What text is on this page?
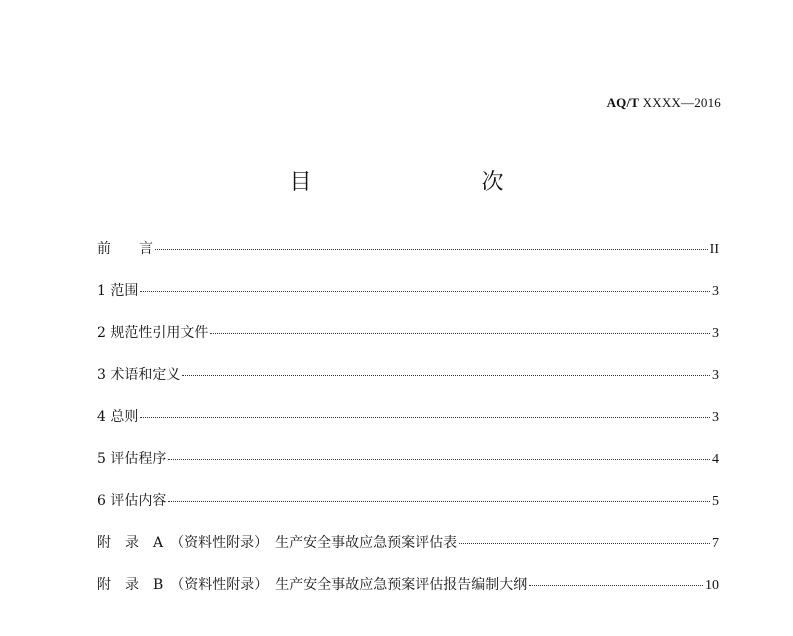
AQ/T XXXX—2016
目　　次
前　　言	II
1 范围	3
2 规范性引用文件	3
3 术语和定义	3
4 总则	3
5 评估程序	4
6 评估内容	5
附　录　A　（资料性附录）　生产安全事故应急预案评估表	7
附　录　B　（资料性附录）　生产安全事故应急预案评估报告编制大纲	10
